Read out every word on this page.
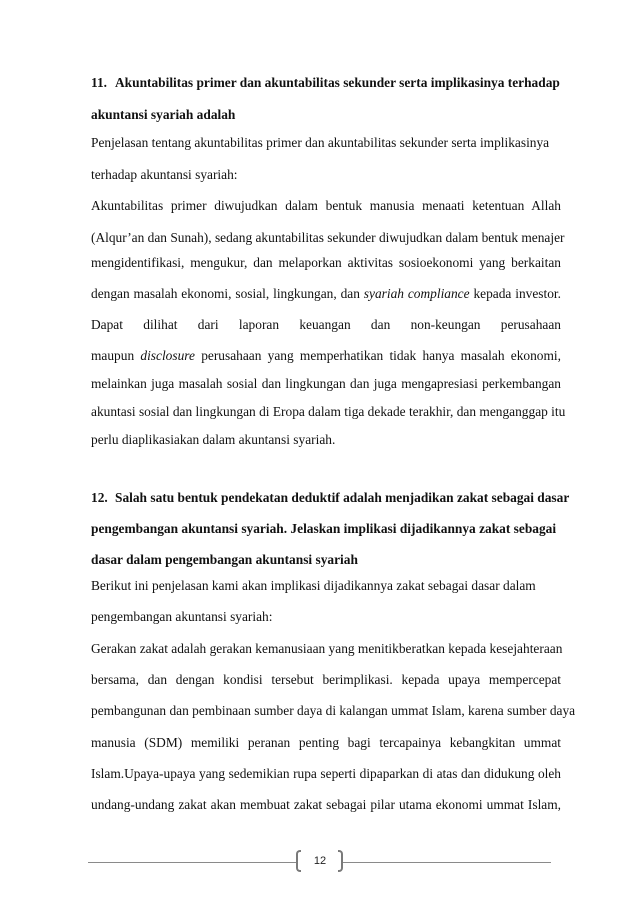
11. Akuntabilitas primer dan akuntabilitas sekunder serta implikasinya terhadap
akuntansi syariah adalah
Penjelasan tentang akuntabilitas primer dan akuntabilitas sekunder serta implikasinya
terhadap akuntansi syariah:
Akuntabilitas primer diwujudkan dalam bentuk manusia menaati ketentuan Allah
(Alqur’an dan Sunah), sedang akuntabilitas sekunder diwujudkan dalam bentuk menajer
mengidentifikasi, mengukur, dan melaporkan aktivitas sosioekonomi yang berkaitan
dengan masalah ekonomi, sosial, lingkungan, dan syariah compliance kepada investor.
Dapat dilihat dari laporan keuangan dan non-keungan perusahaan
maupun disclosure perusahaan yang memperhatikan tidak hanya masalah ekonomi,
melainkan juga masalah sosial dan lingkungan dan juga mengapresiasi perkembangan
akuntasi sosial dan lingkungan di Eropa dalam tiga dekade terakhir, dan menganggap itu
perlu diaplikasiakan dalam akuntansi syariah.
12. Salah satu bentuk pendekatan deduktif adalah menjadikan zakat sebagai dasar
pengembangan akuntansi syariah. Jelaskan implikasi dijadikannya zakat sebagai
dasar dalam pengembangan akuntansi syariah
Berikut ini penjelasan kami akan implikasi dijadikannya zakat sebagai dasar dalam
pengembangan akuntansi syariah:
Gerakan zakat adalah gerakan kemanusiaan yang menitikberatkan kepada kesejahteraan
bersama, dan dengan kondisi tersebut berimplikasi. kepada upaya mempercepat
pembangunan dan pembinaan sumber daya di kalangan ummat Islam, karena sumber daya
manusia (SDM) memiliki peranan penting bagi tercapainya kebangkitan ummat
Islam.Upaya-upaya yang sedemikian rupa seperti dipaparkan di atas dan didukung oleh
undang-undang zakat akan membuat zakat sebagai pilar utama ekonomi ummat Islam,
12
